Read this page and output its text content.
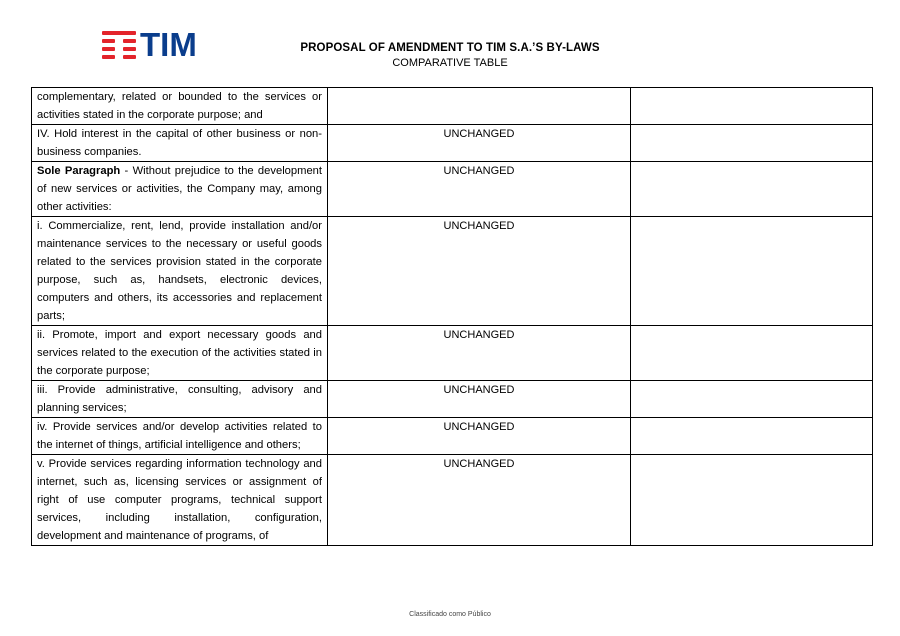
TIM	PROPOSAL OF AMENDMENT TO TIM S.A.’S BY-LAWS
COMPARATIVE TABLE
complementary, related or bounded to the services or activities stated in the corporate purpose; and		

IV. Hold interest in the capital of other business or non-business companies.	UNCHANGED	

Sole Paragraph - Without prejudice to the development of new services or activities, the Company may, among other activities:	UNCHANGED	

i. Commercialize, rent, lend, provide installation and/or maintenance services to the necessary or useful goods related to the services provision stated in the corporate purpose, such as, handsets, electronic devices, computers and others, its accessories and replacement parts;	UNCHANGED	

ii. Promote, import and export necessary goods and services related to the execution of the activities stated in the corporate purpose;	UNCHANGED	

iii. Provide administrative, consulting, advisory and planning services;	UNCHANGED	

iv. Provide services and/or develop activities related to the internet of things, artificial intelligence and others;	UNCHANGED	

v. Provide services regarding information technology and internet, such as, licensing services or assignment of right of use computer programs, technical support services, including installation, configuration, development and maintenance of programs, of	UNCHANGED	

Classificado como Público
